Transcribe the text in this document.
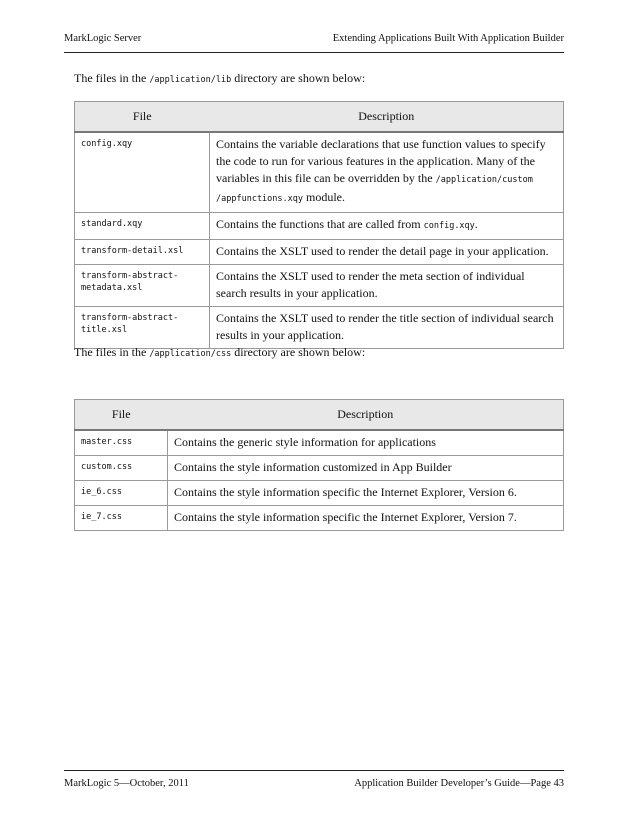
MarkLogic Server	Extending Applications Built With Application Builder
The files in the /application/lib directory are shown below:
File	Description
config.xqy	Contains the variable declarations that use function values to specify the code to run for various features in the application. Many of the variables in this file can be overridden by the /application/custom /appfunctions.xqy module.
standard.xqy	Contains the functions that are called from config.xqy.
transform-detail.xsl	Contains the XSLT used to render the detail page in your application.
transform-abstract-metadata.xsl	Contains the XSLT used to render the meta section of individual search results in your application.
transform-abstract-title.xsl	Contains the XSLT used to render the title section of individual search results in your application.
The files in the /application/css directory are shown below:
File	Description
master.css	Contains the generic style information for applications
custom.css	Contains the style information customized in App Builder
ie_6.css	Contains the style information specific the Internet Explorer, Version 6.
ie_7.css	Contains the style information specific the Internet Explorer, Version 7.
MarkLogic 5—October, 2011	Application Builder Developer’s Guide—Page 43
